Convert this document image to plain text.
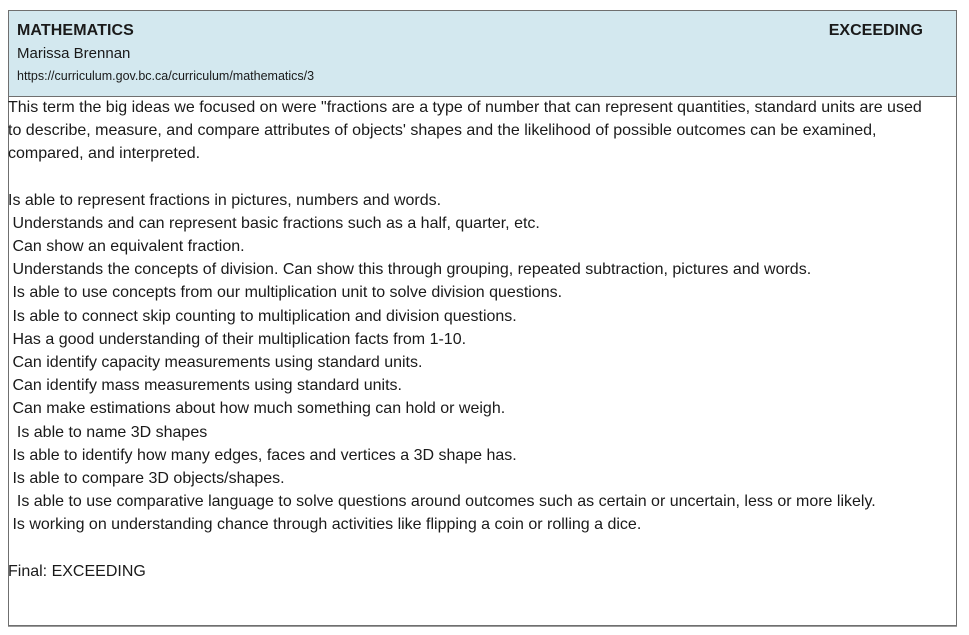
MATHEMATICS	EXCEEDING
Marissa Brennan
https://curriculum.gov.bc.ca/curriculum/mathematics/3

This term the big ideas we focused on were "fractions are a type of number that can represent quantities, standard units are used to describe, measure, and compare attributes of objects' shapes and the likelihood of possible outcomes can be examined, compared, and interpreted.

Is able to represent fractions in pictures, numbers and words.
Understands and can represent basic fractions such as a half, quarter, etc.
Can show an equivalent fraction.
Understands the concepts of division. Can show this through grouping, repeated subtraction, pictures and words.
Is able to use concepts from our multiplication unit to solve division questions.
Is able to connect skip counting to multiplication and division questions.
Has a good understanding of their multiplication facts from 1-10.
Can identify capacity measurements using standard units.
Can identify mass measurements using standard units.
Can make estimations about how much something can hold or weigh.
Is able to name 3D shapes
Is able to identify how many edges, faces and vertices a 3D shape has.
Is able to compare 3D objects/shapes.
Is able to use comparative language to solve questions around outcomes such as certain or uncertain, less or more likely.
Is working on understanding chance through activities like flipping a coin or rolling a dice.

Final: EXCEEDING
